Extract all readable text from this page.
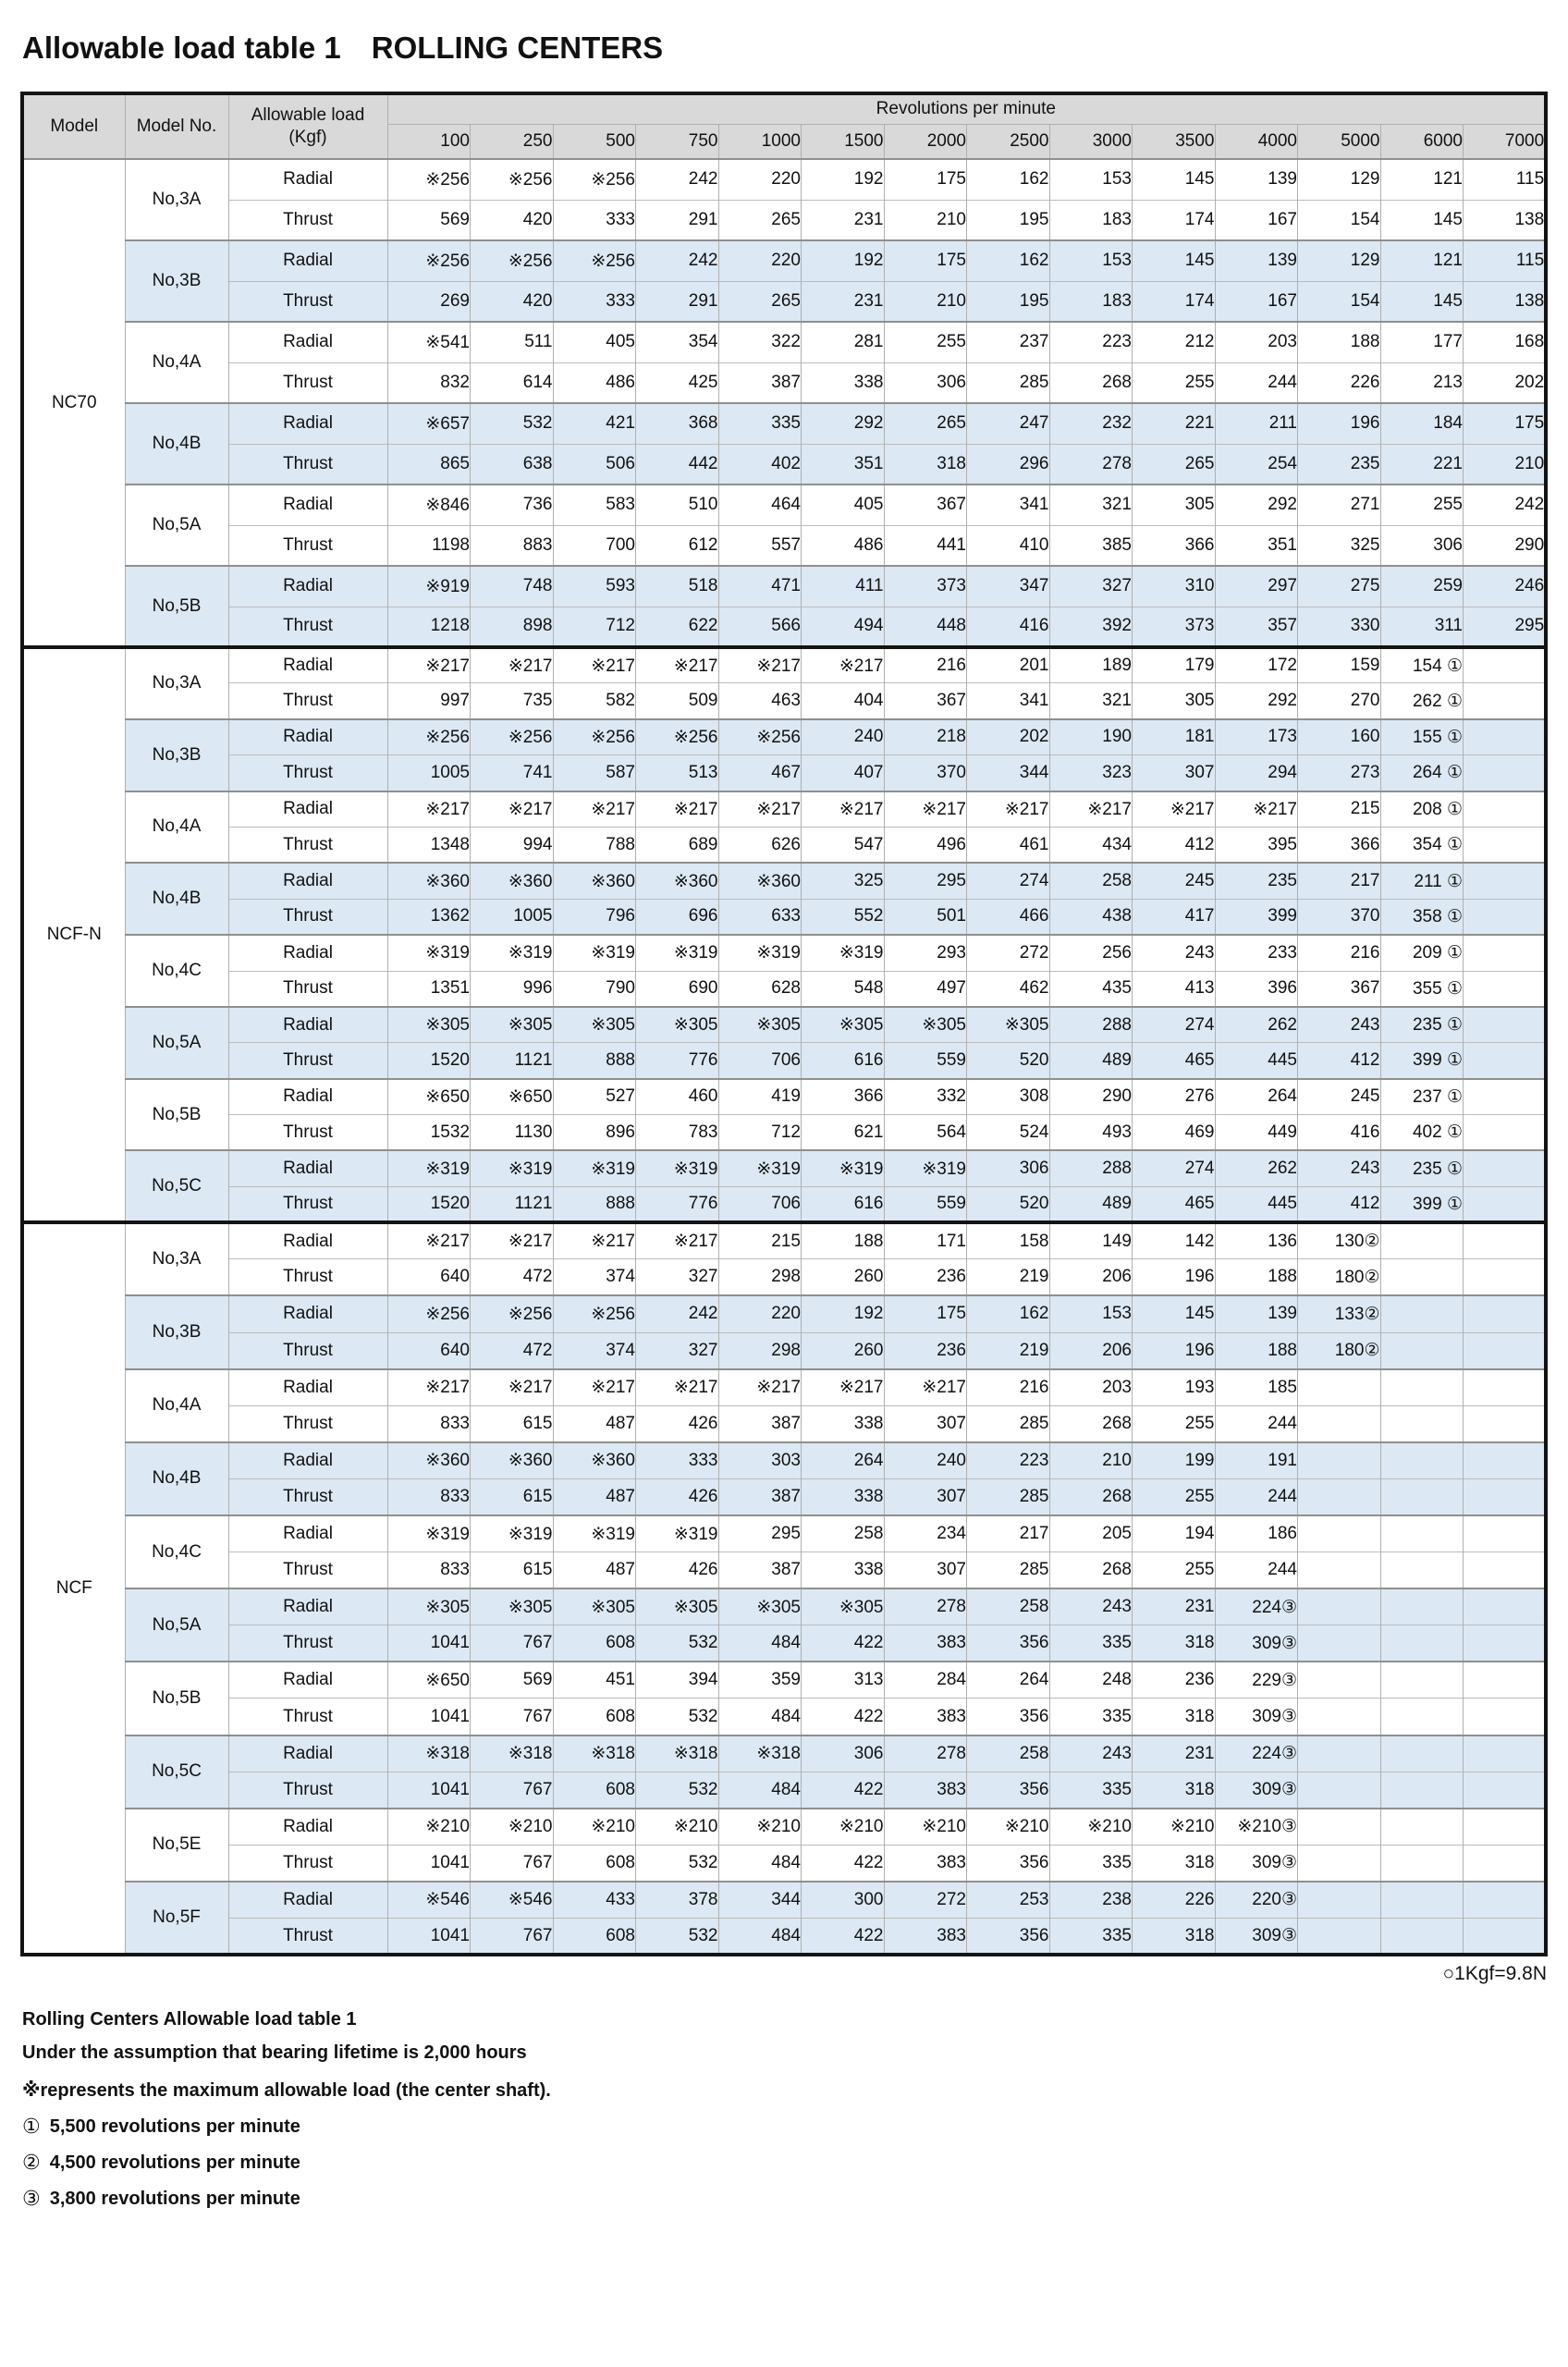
Allowable load table 1　ROLLING CENTERS
Model	Model No.	Allowable load
(Kgf)	Revolutions per minute													
			100	250	500	750	1000	1500	2000	2500	3000	3500	4000	5000	6000	7000
NC70	No,3A	Radial	※256	※256	※256	242	220	192	175	162	153	145	139	129	121	115
		Thrust	569	420	333	291	265	231	210	195	183	174	167	154	145	138
	No,3B	Radial	※256	※256	※256	242	220	192	175	162	153	145	139	129	121	115
		Thrust	269	420	333	291	265	231	210	195	183	174	167	154	145	138
	No,4A	Radial	※541	511	405	354	322	281	255	237	223	212	203	188	177	168
		Thrust	832	614	486	425	387	338	306	285	268	255	244	226	213	202
	No,4B	Radial	※657	532	421	368	335	292	265	247	232	221	211	196	184	175
		Thrust	865	638	506	442	402	351	318	296	278	265	254	235	221	210
	No,5A	Radial	※846	736	583	510	464	405	367	341	321	305	292	271	255	242
		Thrust	1198	883	700	612	557	486	441	410	385	366	351	325	306	290
	No,5B	Radial	※919	748	593	518	471	411	373	347	327	310	297	275	259	246
		Thrust	1218	898	712	622	566	494	448	416	392	373	357	330	311	295
NCF-N	No,3A	Radial	※217	※217	※217	※217	※217	※217	216	201	189	179	172	159	154 ①	
		Thrust	997	735	582	509	463	404	367	341	321	305	292	270	262 ①	
	No,3B	Radial	※256	※256	※256	※256	※256	240	218	202	190	181	173	160	155 ①	
		Thrust	1005	741	587	513	467	407	370	344	323	307	294	273	264 ①	
	No,4A	Radial	※217	※217	※217	※217	※217	※217	※217	※217	※217	※217	※217	215	208 ①	
		Thrust	1348	994	788	689	626	547	496	461	434	412	395	366	354 ①	
	No,4B	Radial	※360	※360	※360	※360	※360	325	295	274	258	245	235	217	211 ①	
		Thrust	1362	1005	796	696	633	552	501	466	438	417	399	370	358 ①	
	No,4C	Radial	※319	※319	※319	※319	※319	※319	293	272	256	243	233	216	209 ①	
		Thrust	1351	996	790	690	628	548	497	462	435	413	396	367	355 ①	
	No,5A	Radial	※305	※305	※305	※305	※305	※305	※305	※305	288	274	262	243	235 ①	
		Thrust	1520	1121	888	776	706	616	559	520	489	465	445	412	399 ①	
	No,5B	Radial	※650	※650	527	460	419	366	332	308	290	276	264	245	237 ①	
		Thrust	1532	1130	896	783	712	621	564	524	493	469	449	416	402 ①	
	No,5C	Radial	※319	※319	※319	※319	※319	※319	※319	306	288	274	262	243	235 ①	
		Thrust	1520	1121	888	776	706	616	559	520	489	465	445	412	399 ①	
NCF	No,3A	Radial	※217	※217	※217	※217	215	188	171	158	149	142	136	130②		
		Thrust	640	472	374	327	298	260	236	219	206	196	188	180②		
	No,3B	Radial	※256	※256	※256	242	220	192	175	162	153	145	139	133②		
		Thrust	640	472	374	327	298	260	236	219	206	196	188	180②		
	No,4A	Radial	※217	※217	※217	※217	※217	※217	※217	216	203	193	185			
		Thrust	833	615	487	426	387	338	307	285	268	255	244			
	No,4B	Radial	※360	※360	※360	333	303	264	240	223	210	199	191			
		Thrust	833	615	487	426	387	338	307	285	268	255	244			
	No,4C	Radial	※319	※319	※319	※319	295	258	234	217	205	194	186			
		Thrust	833	615	487	426	387	338	307	285	268	255	244			
	No,5A	Radial	※305	※305	※305	※305	※305	※305	278	258	243	231	224③			
		Thrust	1041	767	608	532	484	422	383	356	335	318	309③			
	No,5B	Radial	※650	569	451	394	359	313	284	264	248	236	229③			
		Thrust	1041	767	608	532	484	422	383	356	335	318	309③			
	No,5C	Radial	※318	※318	※318	※318	※318	306	278	258	243	231	224③			
		Thrust	1041	767	608	532	484	422	383	356	335	318	309③			
	No,5E	Radial	※210	※210	※210	※210	※210	※210	※210	※210	※210	※210	※210③			
		Thrust	1041	767	608	532	484	422	383	356	335	318	309③			
	No,5F	Radial	※546	※546	433	378	344	300	272	253	238	226	220③			
		Thrust	1041	767	608	532	484	422	383	356	335	318	309③			
○1Kgf=9.8N

Rolling Centers Allowable load table 1

Under the assumption that bearing lifetime is 2,000 hours

※represents the maximum allowable load (the center shaft).

① 5,500 revolutions per minute
② 4,500 revolutions per minute
③ 3,800 revolutions per minute
